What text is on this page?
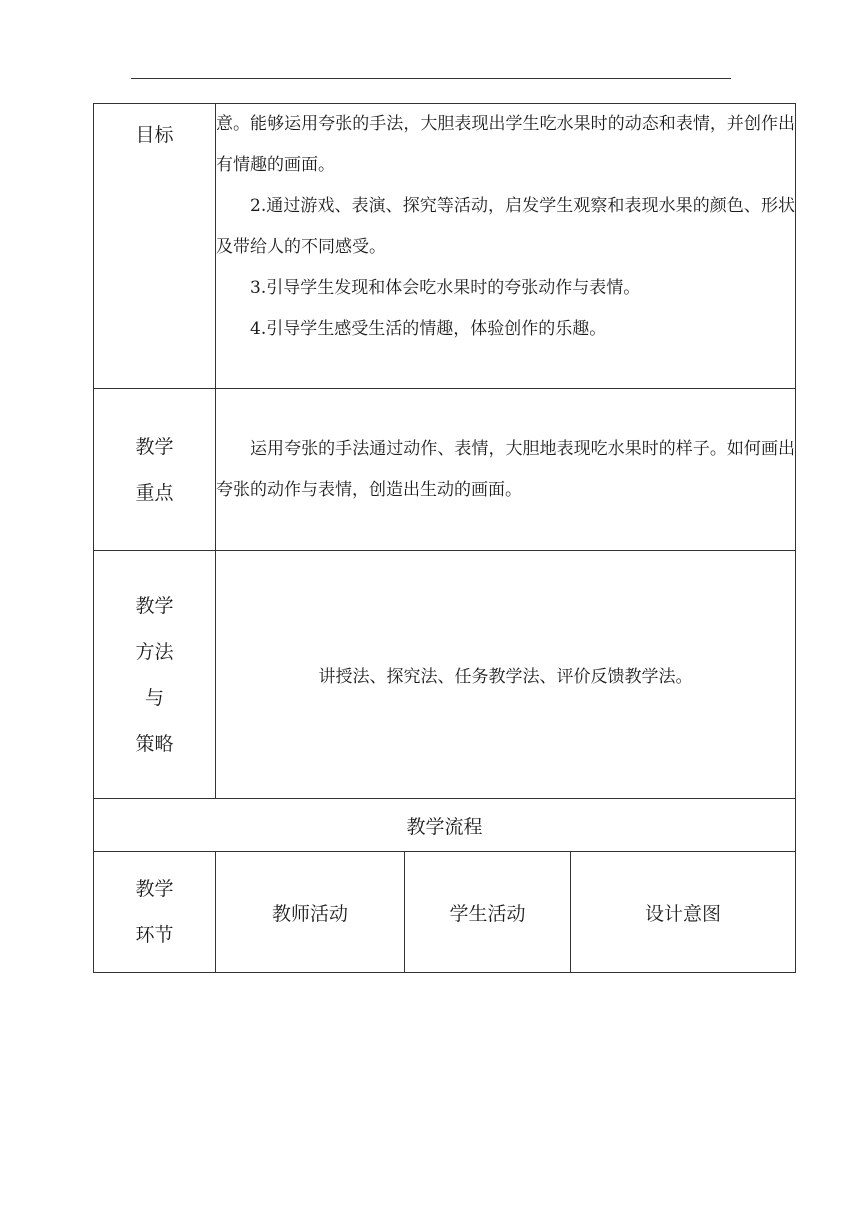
目标	意。能够运用夸张的手法，大胆表现出学生吃水果时的动态和表情，并创作出有情趣的画面。

2.通过游戏、表演、探究等活动，启发学生观察和表现水果的颜色、形状及带给人的不同感受。

3.引导学生发现和体会吃水果时的夸张动作与表情。

4.引导学生感受生活的情趣，体验创作的乐趣。		

教学
重点	运用夸张的手法通过动作、表情，大胆地表现吃水果时的样子。如何画出夸张的动作与表情，创造出生动的画面。		

教学
方法
与
策略	讲授法、探究法、任务教学法、评价反馈教学法。		
教学流程			

教学
环节	教师活动	学生活动	设计意图
